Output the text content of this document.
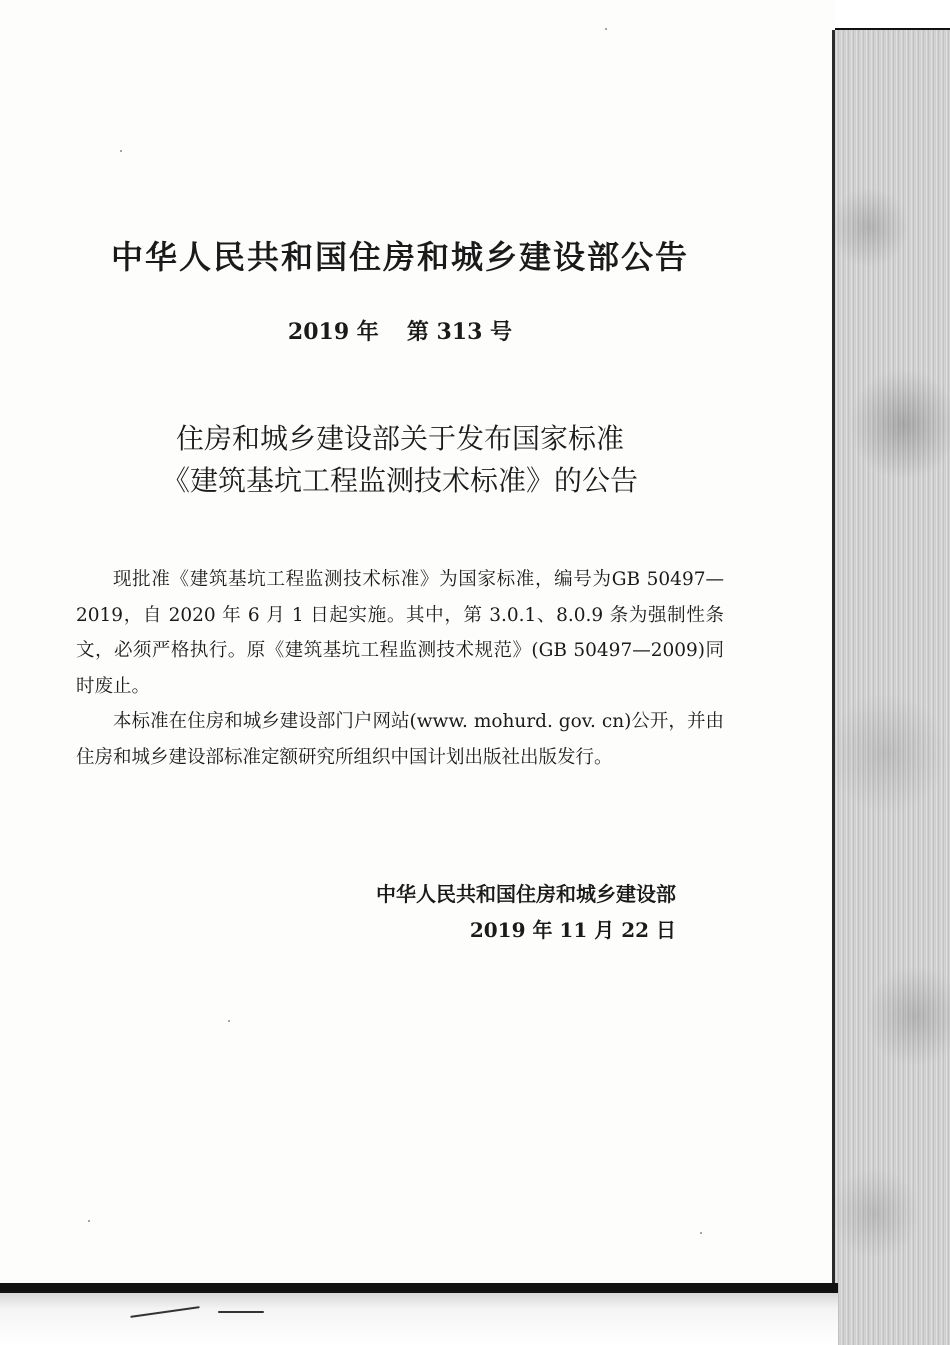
中华人民共和国住房和城乡建设部公告
2019 年 第 313 号
住房和城乡建设部关于发布国家标准
《建筑基坑工程监测技术标准》的公告

现批准《建筑基坑工程监测技术标准》为国家标准，编号为GB 50497—2019，自 2020 年 6 月 1 日起实施。其中，第 3.0.1、8.0.9 条为强制性条文，必须严格执行。原《建筑基坑工程监测技术规范》(GB 50497—2009)同时废止。

本标准在住房和城乡建设部门户网站(www. mohurd. gov. cn)公开，并由住房和城乡建设部标准定额研究所组织中国计划出版社出版发行。

中华人民共和国住房和城乡建设部
2019 年 11 月 22 日
